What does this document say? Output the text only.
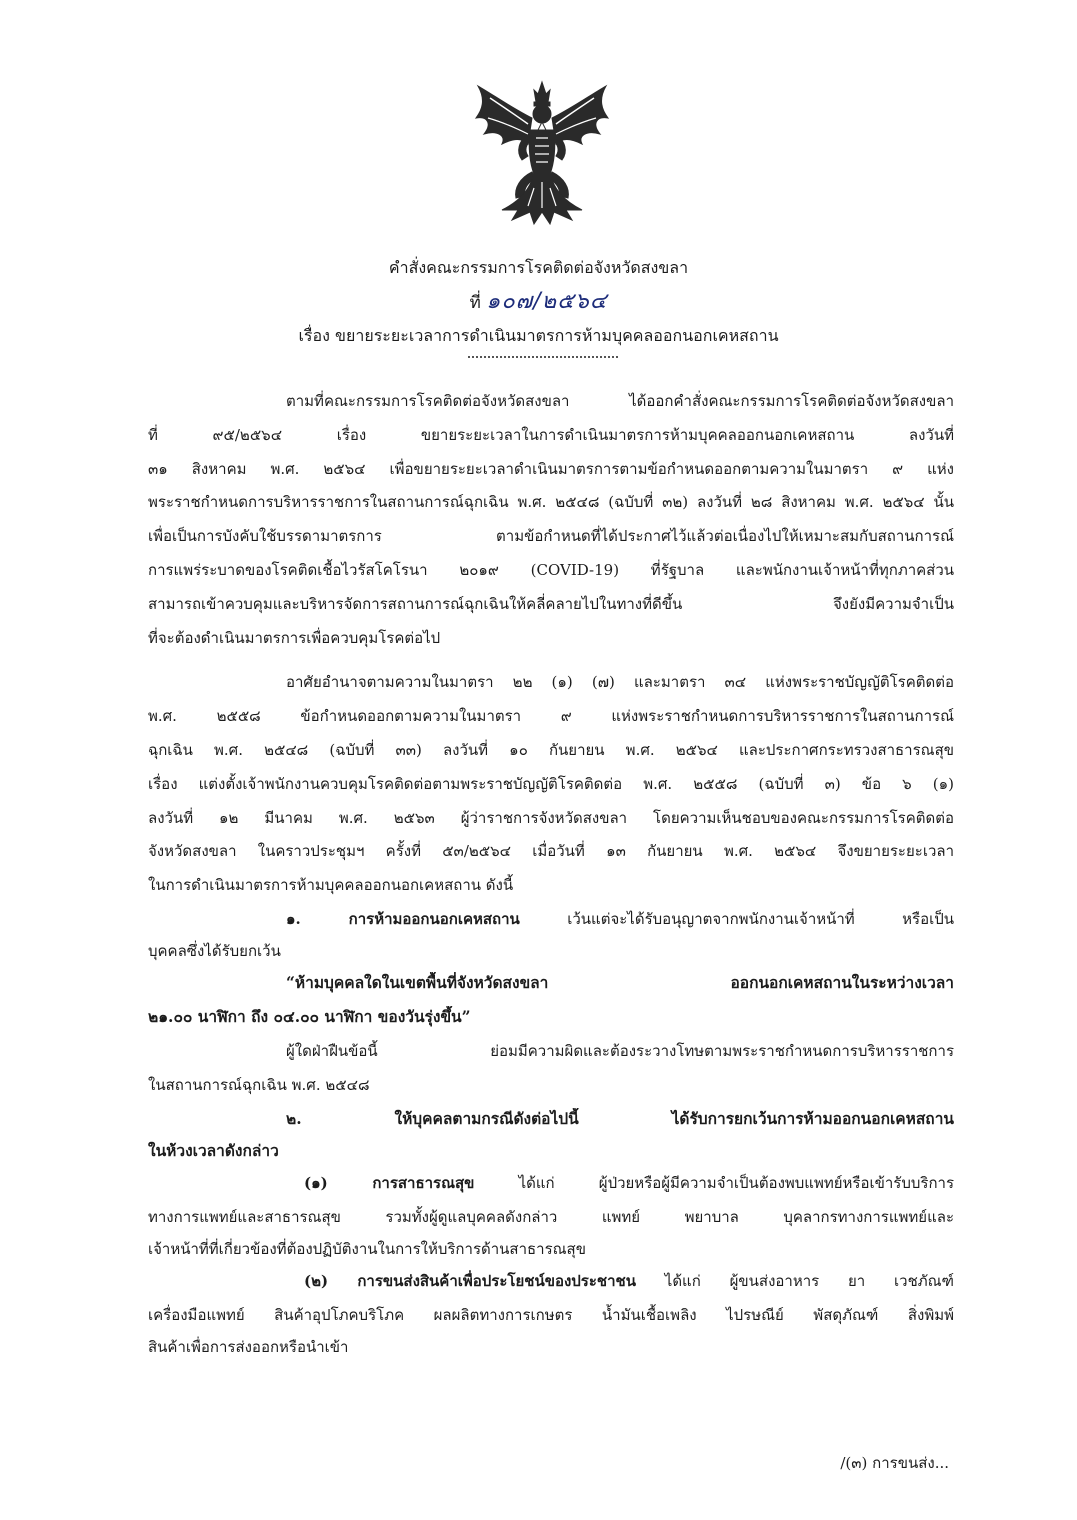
คำสั่งคณะกรรมการโรคติดต่อจังหวัดสงขลา
ที่ ๑๐๗/๒๕๖๔
เรื่อง ขยายระยะเวลาการดำเนินมาตรการห้ามบุคคลออกนอกเคหสถาน
ตามที่คณะกรรมการโรคติดต่อจังหวัดสงขลา ได้ออกคำสั่งคณะกรรมการโรคติดต่อจังหวัดสงขลา
ที่ ๙๕/๒๕๖๔ เรื่อง ขยายระยะเวลาในการดำเนินมาตรการห้ามบุคคลออกนอกเคหสถาน ลงวันที่
๓๑ สิงหาคม พ.ศ. ๒๕๖๔ เพื่อขยายระยะเวลาดำเนินมาตรการตามข้อกำหนดออกตามความในมาตรา ๙ แห่ง
พระราชกำหนดการบริหารราชการในสถานการณ์ฉุกเฉิน พ.ศ. ๒๕๔๘ (ฉบับที่ ๓๒) ลงวันที่ ๒๘ สิงหาคม พ.ศ. ๒๕๖๔ นั้น
เพื่อเป็นการบังคับใช้บรรดามาตรการ ตามข้อกำหนดที่ได้ประกาศไว้แล้วต่อเนื่องไปให้เหมาะสมกับสถานการณ์
การแพร่ระบาดของโรคติดเชื้อไวรัสโคโรนา ๒๐๑๙ (COVID-19) ที่รัฐบาล และพนักงานเจ้าหน้าที่ทุกภาคส่วน
สามารถเข้าควบคุมและบริหารจัดการสถานการณ์ฉุกเฉินให้คลี่คลายไปในทางที่ดีขึ้น จึงยังมีความจำเป็น
ที่จะต้องดำเนินมาตรการเพื่อควบคุมโรคต่อไป
อาศัยอำนาจตามความในมาตรา ๒๒ (๑) (๗) และมาตรา ๓๔ แห่งพระราชบัญญัติโรคติดต่อ
พ.ศ. ๒๕๕๘ ข้อกำหนดออกตามความในมาตรา ๙ แห่งพระราชกำหนดการบริหารราชการในสถานการณ์
ฉุกเฉิน พ.ศ. ๒๕๔๘ (ฉบับที่ ๓๓) ลงวันที่ ๑๐ กันยายน พ.ศ. ๒๕๖๔ และประกาศกระทรวงสาธารณสุข
เรื่อง แต่งตั้งเจ้าพนักงานควบคุมโรคติดต่อตามพระราชบัญญัติโรคติดต่อ พ.ศ. ๒๕๕๘ (ฉบับที่ ๓) ข้อ ๖ (๑)
ลงวันที่ ๑๒ มีนาคม พ.ศ. ๒๕๖๓ ผู้ว่าราชการจังหวัดสงขลา โดยความเห็นชอบของคณะกรรมการโรคติดต่อ
จังหวัดสงขลา ในคราวประชุมฯ ครั้งที่ ๕๓/๒๕๖๔ เมื่อวันที่ ๑๓ กันยายน พ.ศ. ๒๕๖๔ จึงขยายระยะเวลา
ในการดำเนินมาตรการห้ามบุคคลออกนอกเคหสถาน ดังนี้
๑. การห้ามออกนอกเคหสถาน เว้นแต่จะได้รับอนุญาตจากพนักงานเจ้าหน้าที่ หรือเป็น
บุคคลซึ่งได้รับยกเว้น
“ห้ามบุคคลใดในเขตพื้นที่จังหวัดสงขลา ออกนอกเคหสถานในระหว่างเวลา
๒๑.๐๐ นาฬิกา ถึง ๐๔.๐๐ นาฬิกา ของวันรุ่งขึ้น”
ผู้ใดฝ่าฝืนข้อนี้ ย่อมมีความผิดและต้องระวางโทษตามพระราชกำหนดการบริหารราชการ
ในสถานการณ์ฉุกเฉิน พ.ศ. ๒๕๔๘
๒. ให้บุคคลตามกรณีดังต่อไปนี้ ได้รับการยกเว้นการห้ามออกนอกเคหสถาน
ในห้วงเวลาดังกล่าว
(๑) การสาธารณสุข ได้แก่ ผู้ป่วยหรือผู้มีความจำเป็นต้องพบแพทย์หรือเข้ารับบริการ
ทางการแพทย์และสาธารณสุข รวมทั้งผู้ดูแลบุคคลดังกล่าว แพทย์ พยาบาล บุคลากรทางการแพทย์และ
เจ้าหน้าที่ที่เกี่ยวข้องที่ต้องปฏิบัติงานในการให้บริการด้านสาธารณสุข
(๒) การขนส่งสินค้าเพื่อประโยชน์ของประชาชน ได้แก่ ผู้ขนส่งอาหาร ยา เวชภัณฑ์
เครื่องมือแพทย์ สินค้าอุปโภคบริโภค ผลผลิตทางการเกษตร น้ำมันเชื้อเพลิง ไปรษณีย์ พัสดุภัณฑ์ สิ่งพิมพ์
สินค้าเพื่อการส่งออกหรือนำเข้า
/(๓) การขนส่ง...
